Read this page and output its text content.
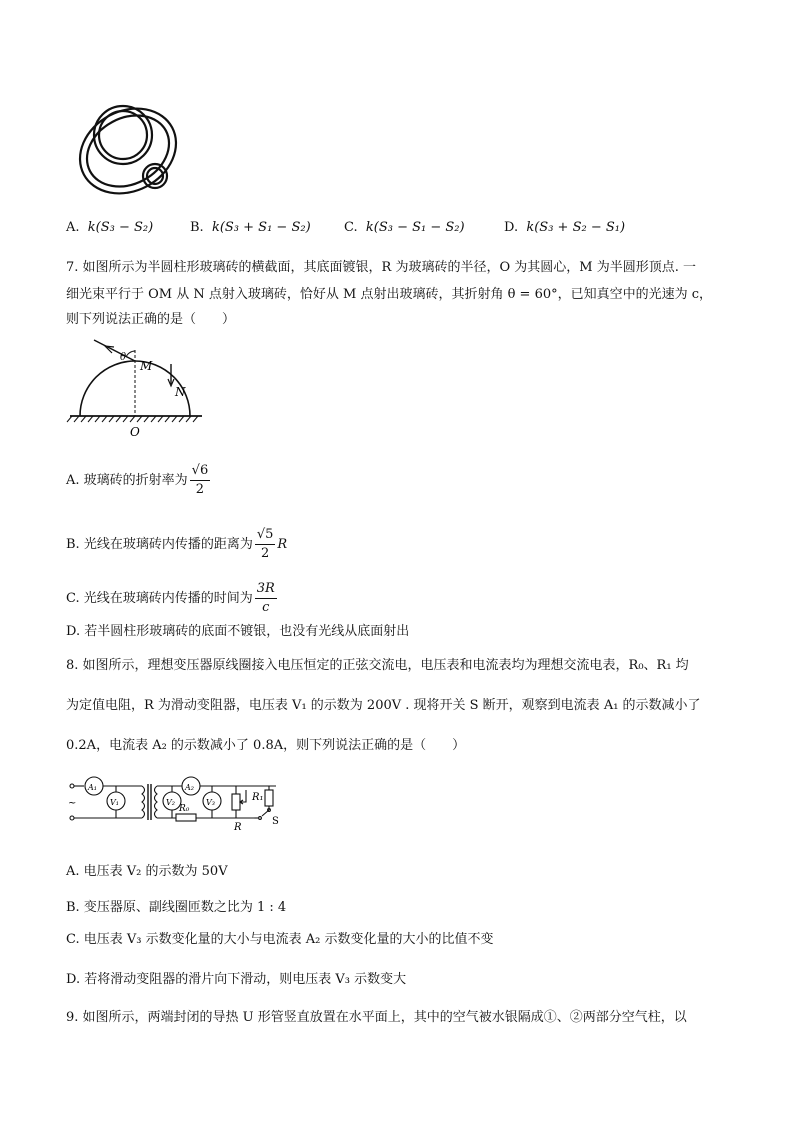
A. k(S₃ − S₂)	B. k(S₃ + S₁ − S₂)	C. k(S₃ − S₁ − S₂)	D. k(S₃ + S₂ − S₁)
7. 如图所示为半圆柱形玻璃砖的横截面，其底面镀银，R 为玻璃砖的半径，O 为其圆心，M 为半圆形顶点. 一
细光束平行于 OM 从 N 点射入玻璃砖，恰好从 M 点射出玻璃砖，其折射角 θ = 60°，已知真空中的光速为 c，
则下列说法正确的是（　　）
θ
M
N
O
A. 玻璃砖的折射率为 $\frac{√6}{2}$
B. 光线在玻璃砖内传播的距离为 $\frac{√5}{2}$ R
C. 光线在玻璃砖内传播的时间为 $\frac{3R}{c}$
D. 若半圆柱形玻璃砖的底面不镀银，也没有光线从底面射出
8. 如图所示，理想变压器原线圈接入电压恒定的正弦交流电，电压表和电流表均为理想交流电表，R₀、R₁ 均
为定值电阻，R 为滑动变阻器，电压表 V₁ 的示数为 200V . 现将开关 S 断开，观察到电流表 A₁ 的示数减小了
0.2A，电流表 A₂ 的示数减小了 0.8A，则下列说法正确的是（　　）
~
A₁
V₁
A₂
V₂	V₃
R₀
R₁
R
S
A. 电压表 V₂ 的示数为 50V
B. 变压器原、副线圈匝数之比为 1 : 4
C. 电压表 V₃ 示数变化量的大小与电流表 A₂ 示数变化量的大小的比值不变
D. 若将滑动变阻器的滑片向下滑动，则电压表 V₃ 示数变大
9. 如图所示，两端封闭的导热 U 形管竖直放置在水平面上，其中的空气被水银隔成①、②两部分空气柱，以
